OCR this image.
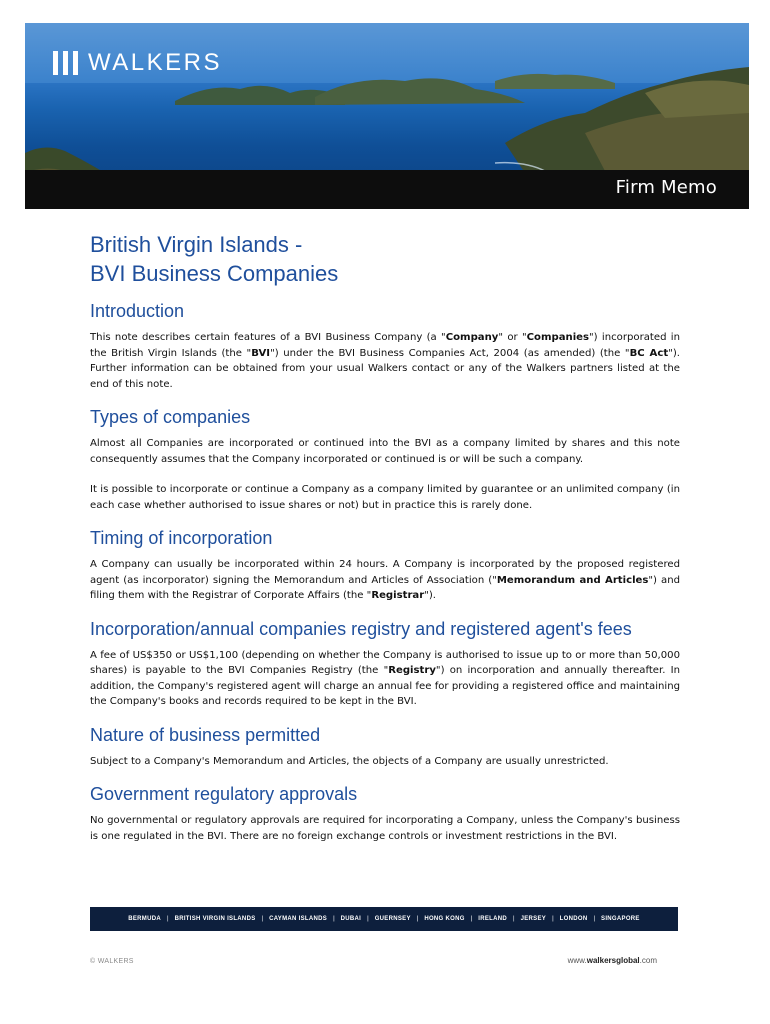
WALKERS
Firm Memo
British Virgin Islands -
BVI Business Companies
Introduction

This note describes certain features of a BVI Business Company (a "Company" or "Companies") incorporated in the British Virgin Islands (the "BVI") under the BVI Business Companies Act, 2004 (as amended) (the "BC Act"). Further information can be obtained from your usual Walkers contact or any of the Walkers partners listed at the end of this note.

Types of companies

Almost all Companies are incorporated or continued into the BVI as a company limited by shares and this note consequently assumes that the Company incorporated or continued is or will be such a company.

It is possible to incorporate or continue a Company as a company limited by guarantee or an unlimited company (in each case whether authorised to issue shares or not) but in practice this is rarely done.

Timing of incorporation

A Company can usually be incorporated within 24 hours. A Company is incorporated by the proposed registered agent (as incorporator) signing the Memorandum and Articles of Association ("Memorandum and Articles") and filing them with the Registrar of Corporate Affairs (the "Registrar").

Incorporation/annual companies registry and registered agent's fees

A fee of US$350 or US$1,100 (depending on whether the Company is authorised to issue up to or more than 50,000 shares) is payable to the BVI Companies Registry (the "Registry") on incorporation and annually thereafter. In addition, the Company's registered agent will charge an annual fee for providing a registered office and maintaining the Company's books and records required to be kept in the BVI.

Nature of business permitted

Subject to a Company's Memorandum and Articles, the objects of a Company are usually unrestricted.

Government regulatory approvals

No governmental or regulatory approvals are required for incorporating a Company, unless the Company's business is one regulated in the BVI. There are no foreign exchange controls or investment restrictions in the BVI.

BERMUDA | BRITISH VIRGIN ISLANDS | CAYMAN ISLANDS | DUBAI | GUERNSEY | HONG KONG | IRELAND | JERSEY | LONDON | SINGAPORE
© WALKERS	www.walkersglobal.com
